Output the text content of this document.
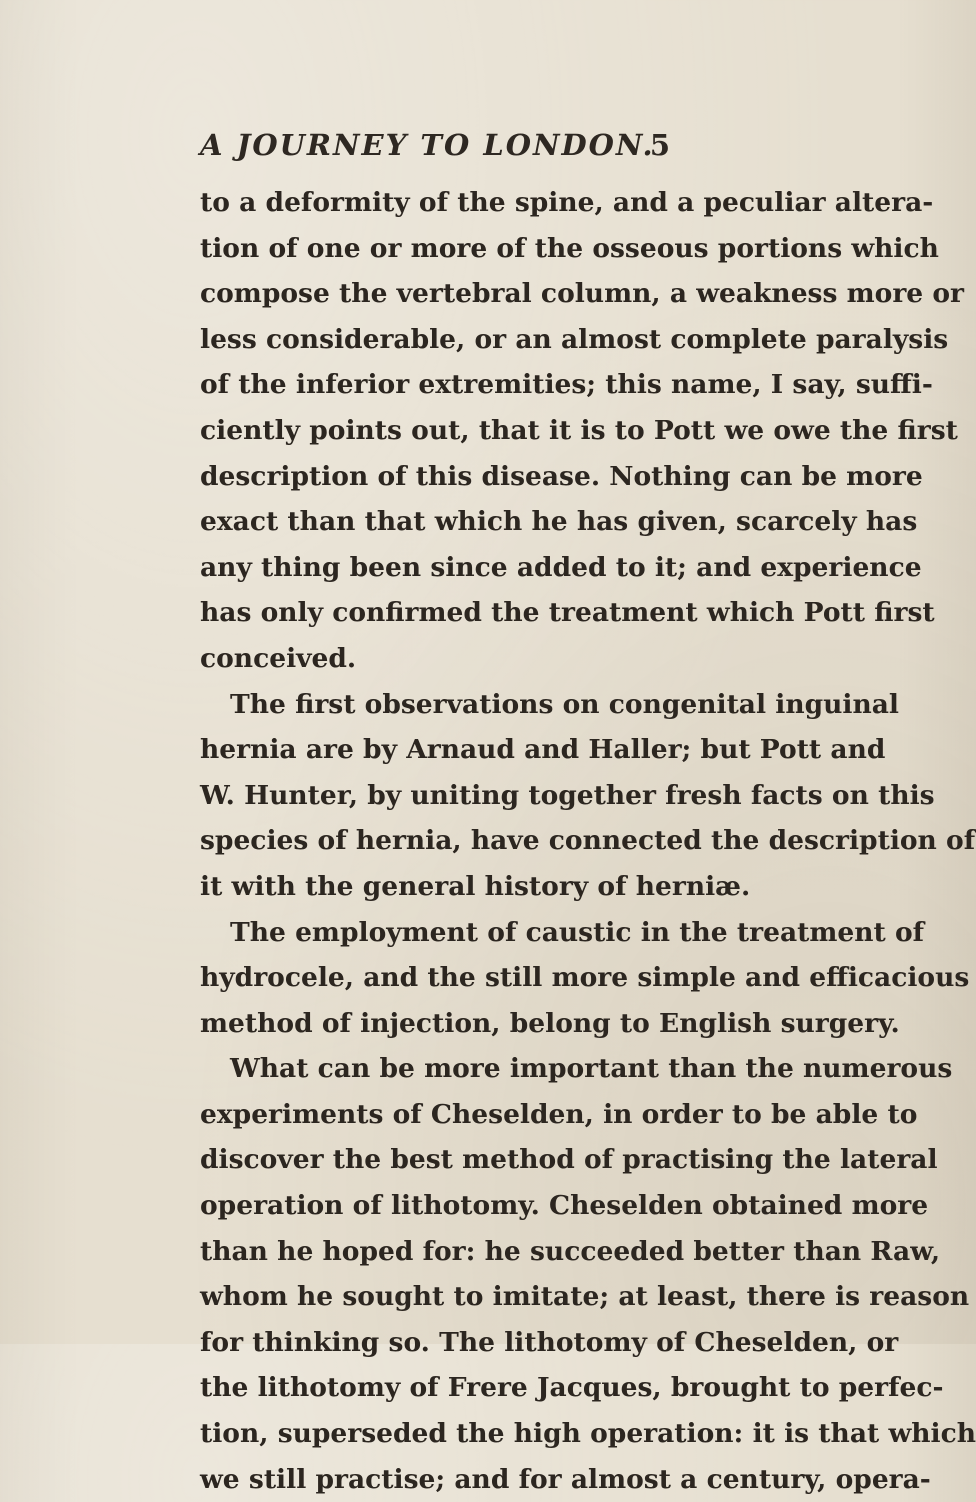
A JOURNEY TO LONDON.
5
to a deformity of the spine, and a peculiar altera-
tion of one or more of the osseous portions which
compose the vertebral column, a weakness more or
less considerable, or an almost complete paralysis
of the inferior extremities; this name, I say, suffi-
ciently points out, that it is to Pott we owe the first
description of this disease. Nothing can be more
exact than that which he has given, scarcely has
any thing been since added to it; and experience
has only confirmed the treatment which Pott first
conceived.
The first observations on congenital inguinal
hernia are by Arnaud and Haller; but Pott and
W. Hunter, by uniting together fresh facts on this
species of hernia, have connected the description of
it with the general history of herniæ.
The employment of caustic in the treatment of
hydrocele, and the still more simple and efficacious
method of injection, belong to English surgery.
What can be more important than the numerous
experiments of Cheselden, in order to be able to
discover the best method of practising the lateral
operation of lithotomy. Cheselden obtained more
than he hoped for: he succeeded better than Raw,
whom he sought to imitate; at least, there is reason
for thinking so. The lithotomy of Cheselden, or
the lithotomy of Frere Jacques, brought to perfec-
tion, superseded the high operation: it is that which
we still practise; and for almost a century, opera-
